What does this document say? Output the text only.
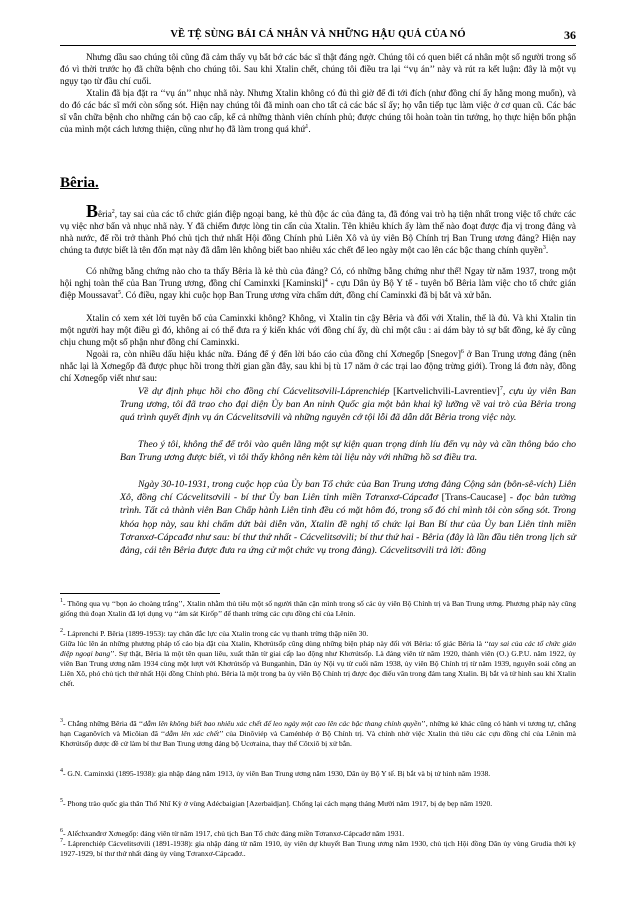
VỀ TỆ SÙNG BÁI CÁ NHÂN VÀ NHỮNG HẬU QUẢ CỦA NÓ	36

Nhưng dầu sao chúng tôi cũng đã cảm thấy vụ bắt bớ các bác sĩ thật đáng ngờ. Chúng tôi có quen biết cá nhân một số người trong số đó vì thời trước họ đã chữa bệnh cho chúng tôi. Sau khi Xtalin chết, chúng tôi điều tra lại ‘‘vụ án’’ này và rút ra kết luận: đây là một vụ ngụy tạo từ đầu chí cuối.

Xtalin đã bịa đặt ra ‘‘vụ án’’ nhục nhã này. Nhưng Xtalin không có đủ thì giờ để đi tới đích (như đồng chí ấy hằng mong muốn), và do đó các bác sĩ mới còn sống sót. Hiện nay chúng tôi đã minh oan cho tất cả các bác sĩ ấy; họ vẫn tiếp tục làm việc ở cơ quan cũ. Các bác sĩ vẫn chữa bệnh cho những cán bộ cao cấp, kể cả những thành viên chính phủ; được chúng tôi hoàn toàn tin tưởng, họ thực hiện bổn phận của mình một cách lương thiện, cũng như họ đã làm trong quá khứ$^1$.

Bêria.

Bêria$^2$, tay sai của các tổ chức gián điệp ngoại bang, kẻ thù độc ác của đảng ta, đã đóng vai trò hạ tiện nhất trong việc tổ chức các vụ việc nhơ bẩn và nhục nhã này. Y đã chiếm được lòng tin cẩn của Xtalin. Tên khiêu khích ấy làm thế nào đoạt được địa vị trong đảng và nhà nước, để rồi trở thành Phó chủ tịch thứ nhất Hội đồng Chính phủ Liên Xô và ủy viên Bộ Chính trị Ban Trung ương đảng? Hiện nay chúng ta được biết là tên đốn mạt này đã dẫm lên không biết bao nhiêu xác chết để leo ngày một cao lên các bậc thang chính quyền$^3$.

Có những bằng chứng nào cho ta thấy Bêria là kẻ thù của đảng? Có, có những bằng chứng như thế! Ngay từ năm 1937, trong một hội nghị toàn thể của Ban Trung ương, đồng chí Caminxki [Kaminski]$^4$ - cựu Dân ủy Bộ Y tế - tuyên bố Bêria làm việc cho tổ chức gián điệp Moussavat$^5$. Có điều, ngay khi cuộc họp Ban Trung ương vừa chấm dứt, đồng chí Caminxki đã bị bắt và xử bắn.

Xtalin có xem xét lời tuyên bố của Caminxki không? Không, vì Xtalin tin cậy Bêria và đối với Xtalin, thế là đủ. Và khi Xtalin tin một người hay một điều gì đó, không ai có thể đưa ra ý kiến khác với đồng chí ấy, dù chỉ một câu : ai dám bày tỏ sự bất đồng, kẻ ấy cũng chịu chung một số phận như đồng chí Caminxki.

Ngoài ra, còn nhiều dấu hiệu khác nữa. Đáng để ý đến lời báo cáo của đồng chí Xơnegốp [Snegov]$^6$ ở Ban Trung ương đảng (nên nhắc lại là Xơnegốp đã được phục hồi trong thời gian gần đây, sau khi bị tù 17 năm ở các trại lao động trừng giới). Trong lá đơn này, đồng chí Xơnegốp viết như sau:

Về dự định phục hồi cho đồng chí Cácvelitsơvili-Láprenchiép [Kartvelichvili-Lavrentiev]$^7$, cựu ủy viên Ban Trung ương, tôi đã trao cho đại diện Ủy ban An ninh Quốc gia một bản khai kỹ lưỡng về vai trò của Bêria trong quá trình quyết định vụ án Cácvelitsơvili và những nguyên cớ tội lỗi đã dẫn dắt Bêria trong việc này.

Theo ý tôi, không thể để trôi vào quên lãng một sự kiện quan trọng dính líu đến vụ này và cần thông báo cho Ban Trung ương được biết, vì tôi thấy không nên kèm tài liệu này với những hồ sơ điều tra.

Ngày 30-10-1931, trong cuộc họp của Ủy ban Tổ chức của Ban Trung ương đảng Cộng sản (bôn-sê-vích) Liên Xô, đồng chí Cácvelitsơvili - bí thư Ủy ban Liên tỉnh miền Tơranxơ-Cápcađơ [Trans-Caucase] - đọc bản tường trình. Tất cả thành viên Ban Chấp hành Liên tỉnh đều có mặt hôm đó, trong số đó chỉ mình tôi còn sống sót. Trong khóa họp này, sau khi chấm dứt bài diễn văn, Xtalin đề nghị tổ chức lại Ban Bí thư của Ủy ban Liên tỉnh miền Tơranxơ-Cápcađơ như sau: bí thư thứ nhất - Cácvelitsơvili; bí thư thứ hai - Bêria (đây là lần đầu tiên trong lịch sử đảng, cái tên Bêria được đưa ra ứng cử một chức vụ trong đảng). Cácvelitsơvili trả lời: đồng

$^1$- Thông qua vụ ‘‘bọn áo choàng trắng’’, Xtalin nhằm thủ tiêu một số người thân cận mình trong số các ủy viên Bộ Chính trị và Ban Trung ương. Phương pháp này cũng giống thủ đoạn Xtalin đã lợi dụng vụ ‘‘ám sát Kirốp’’ để thanh trừng các cựu đồng chí của Lênin.

$^2$- Láprenchi P. Bêria (1899-1953): tay chân đắc lực của Xtalin trong các vụ thanh trừng thập niên 30.
Giữa lúc lên án những phương pháp tố cáo bịa đặt của Xtalin, Khơrútsốp cũng dùng những biện pháp này đối với Bêria: tố giác Bêria là ‘‘tay sai của các tổ chức gián điệp ngoại bang’’. Sự thật, Bêria là một tên quan liêu, xuất thân từ giai cấp lao động như Khơrútsốp. Là đảng viên từ năm 1920, thành viên (O.) G.P.U. năm 1922, ủy viên Ban Trung ương năm 1934 cùng một lượt với Khơrútsốp và Bunganhin, Dân ủy Nội vụ từ cuối năm 1938, ủy viên Bộ Chính trị từ năm 1939, nguyên soái công an Liên Xô, phó chủ tịch thứ nhất Hội đồng Chính phủ. Bêria là một trong ba ủy viên Bộ Chính trị được đọc điếu văn trong đám tang Xtalin. Bị bắt và tử hình sau khi Xtalin chết.

$^3$- Chẳng những Bêria đã ‘‘dẫm lên không biết bao nhiêu xác chết để leo ngày một cao lên các bậc thang chính quyền’’, những kẻ khác cũng có hành vi tương tự, chẳng hạn Caganôvích và Micôian đã ‘‘dẫm lên xác chết’’ của Dinôviép và Caménhép ở Bộ Chính trị. Và chính nhờ việc Xtalin thủ tiêu các cựu đồng chí của Lênin mà Khơrútsốp được đề cử làm bí thư Ban Trung ương đảng bộ Ucơraina, thay thế Côtxiô bị xử bắn.

$^4$- G.N. Caminxki (1895-1938): gia nhập đảng năm 1913, ủy viên Ban Trung ương năm 1930, Dân ủy Bộ Y tế. Bị bắt và bị tử hình năm 1938.

$^5$- Phong trào quốc gia thân Thổ Nhĩ Kỳ ở vùng Adécbaigian [Azerbaidjan]. Chống lại cách mạng tháng Mười năm 1917, bị dẹ bẹp năm 1920.

$^6$- Alếchxanđrơ Xơnegốp: đảng viên từ năm 1917, chủ tịch Ban Tổ chức đảng miền Tơranxơ-Cápcađơ năm 1931.

$^7$- Láprenchiép Cácvelitsơvili (1891-1938): gia nhập đảng từ năm 1910, ủy viên dự khuyết Ban Trung ương năm 1930, chủ tịch Hội đồng Dân ủy vùng Grudia thời kỳ 1927-1929, bí thư thứ nhất đảng ủy vùng Tơranxơ-Cápcađơ..
